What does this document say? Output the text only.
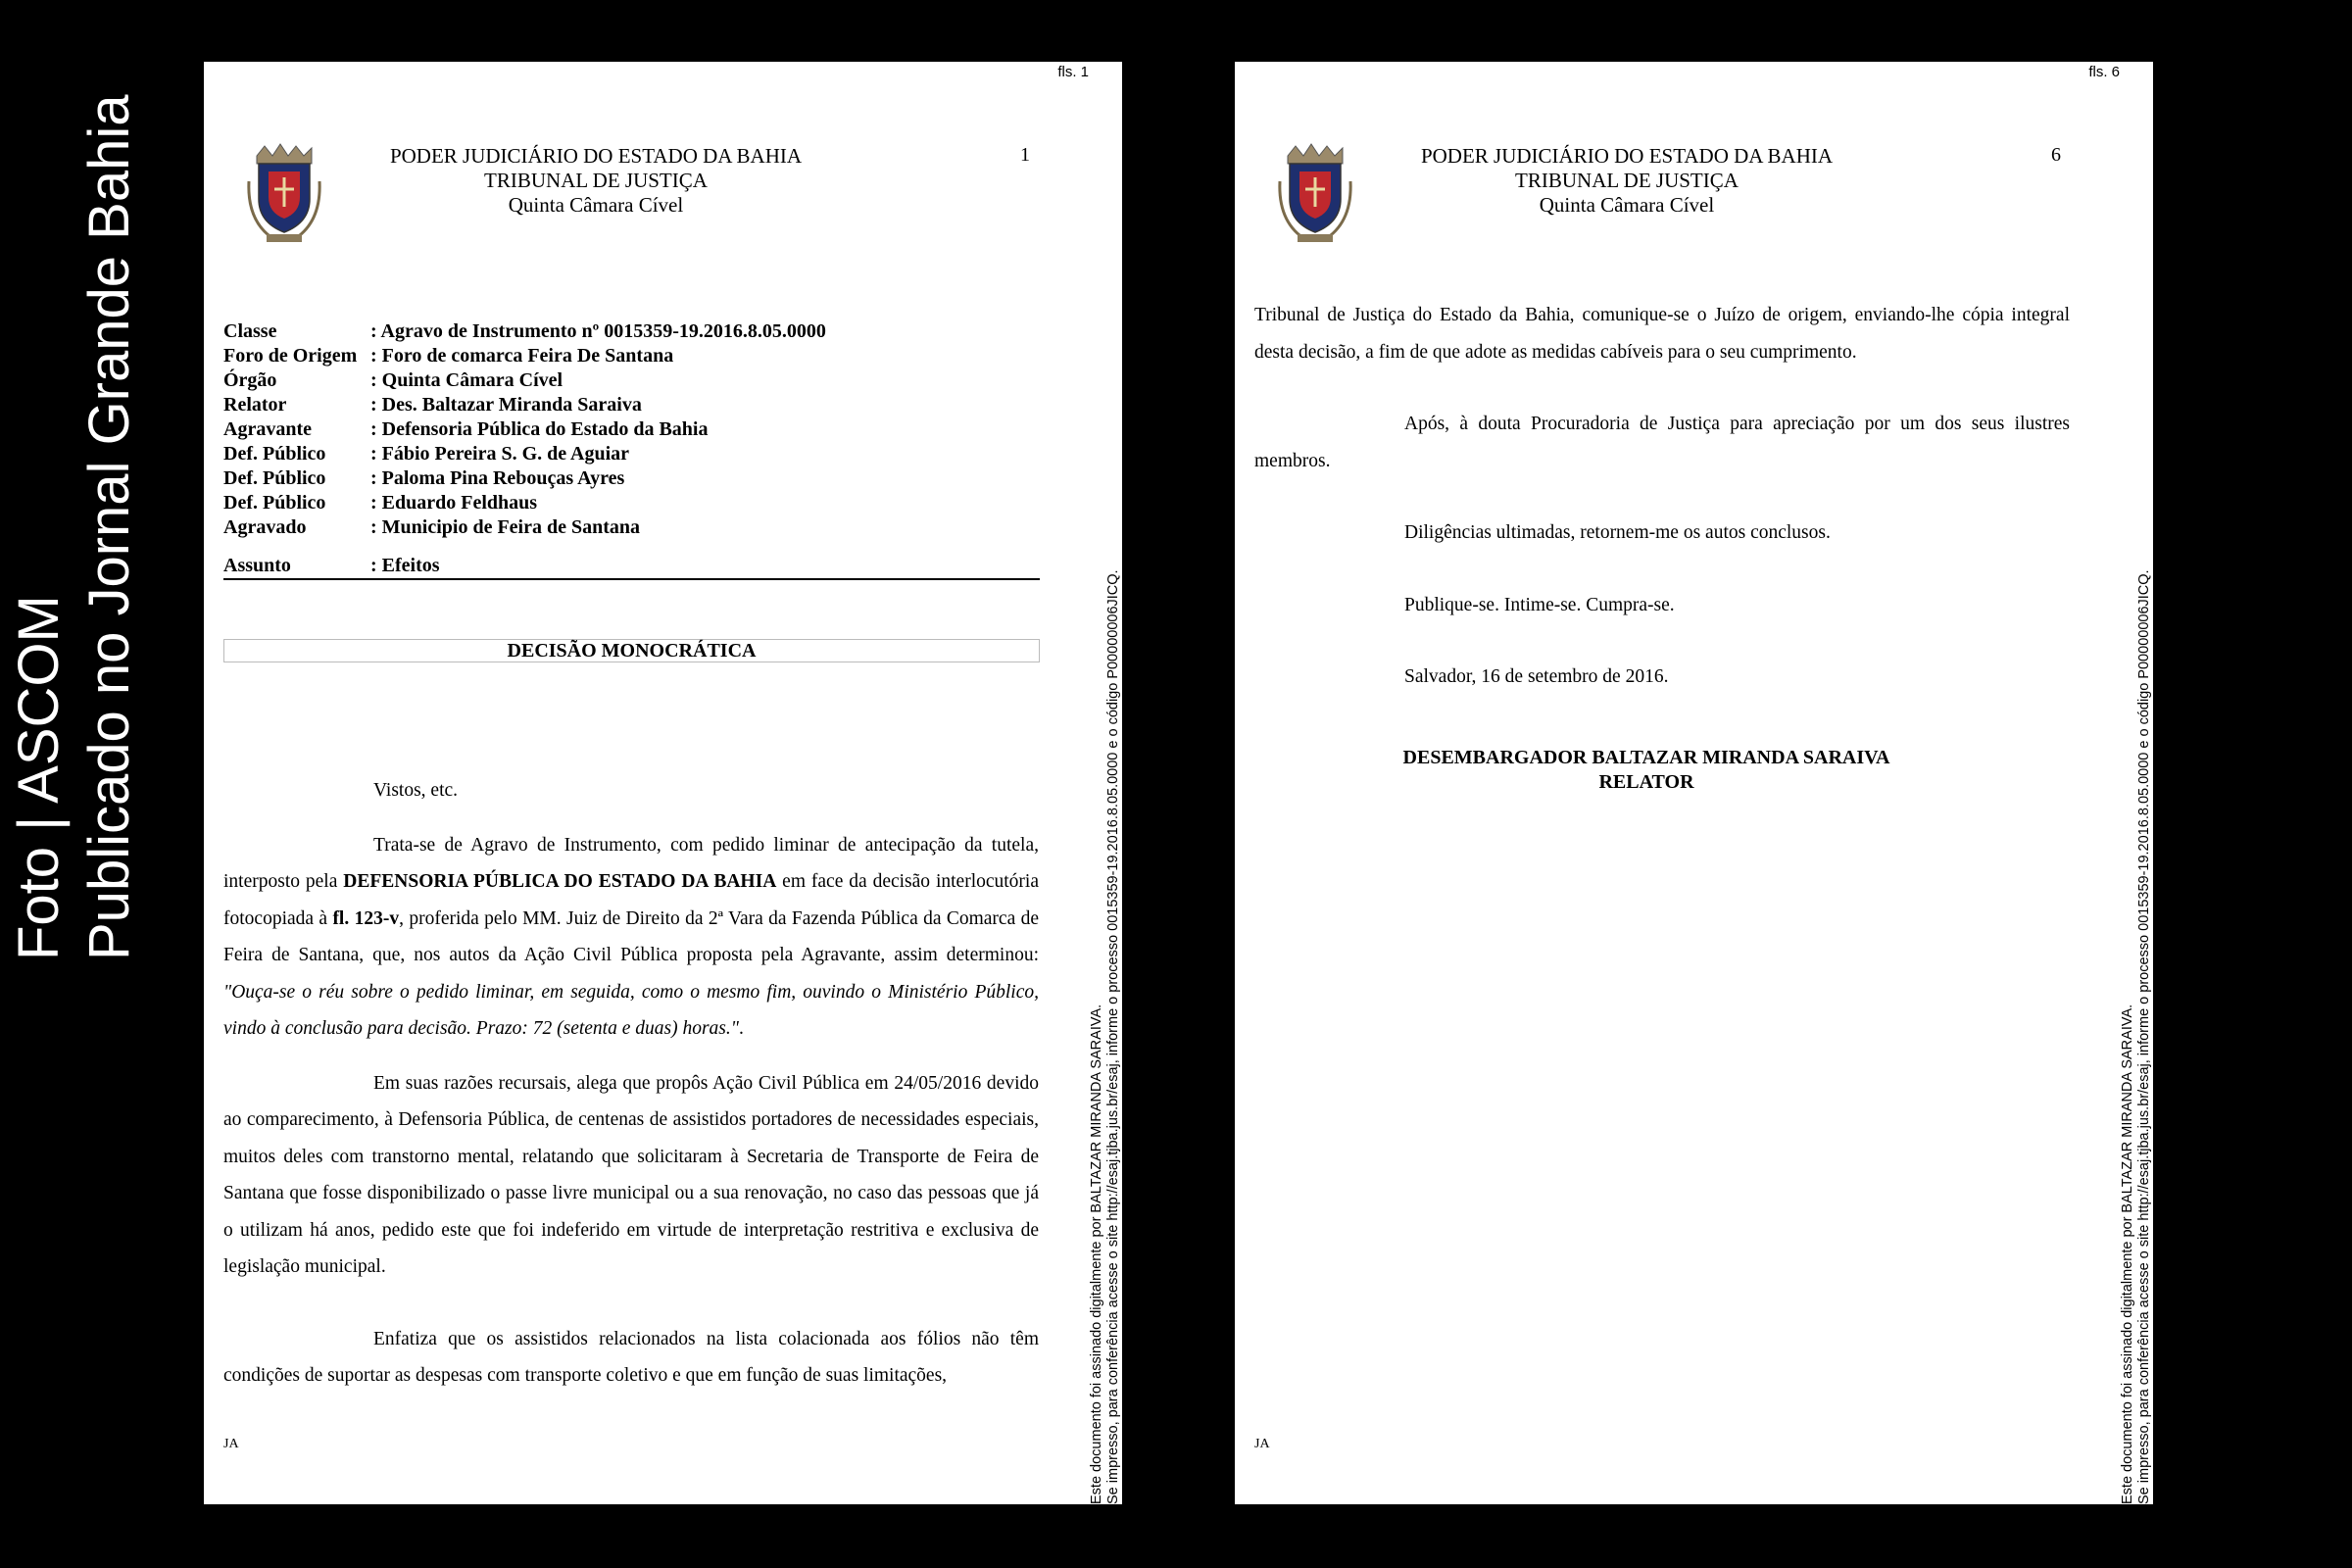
Foto | ASCOM Publicado no Jornal Grande Bahia
fls. 1
1
PODER JUDICIÁRIO DO ESTADO DA BAHIA
TRIBUNAL DE JUSTIÇA
Quinta Câmara Cível
Classe	: Agravo de Instrumento nº 0015359-19.2016.8.05.0000
Foro de Origem : Foro de comarca Feira De Santana
Órgão	: Quinta Câmara Cível
Relator	: Des. Baltazar Miranda Saraiva
Agravante	: Defensoria Pública do Estado da Bahia
Def. Público	: Fábio Pereira S. G. de Aguiar
Def. Público	: Paloma Pina Rebouças Ayres
Def. Público	: Eduardo Feldhaus
Agravado	: Municipio de Feira de Santana
Assunto	: Efeitos
DECISÃO MONOCRÁTICA

Vistos, etc.

Trata-se de Agravo de Instrumento, com pedido liminar de antecipação da tutela, interposto pela DEFENSORIA PÚBLICA DO ESTADO DA BAHIA em face da decisão interlocutória fotocopiada à fl. 123-v, proferida pelo MM. Juiz de Direito da 2ª Vara da Fazenda Pública da Comarca de Feira de Santana, que, nos autos da Ação Civil Pública proposta pela Agravante, assim determinou: "Ouça-se o réu sobre o pedido liminar, em seguida, como o mesmo fim, ouvindo o Ministério Público, vindo à conclusão para decisão. Prazo: 72 (setenta e duas) horas.".

Em suas razões recursais, alega que propôs Ação Civil Pública em 24/05/2016 devido ao comparecimento, à Defensoria Pública, de centenas de assistidos portadores de necessidades especiais, muitos deles com transtorno mental, relatando que solicitaram à Secretaria de Transporte de Feira de Santana que fosse disponibilizado o passe livre municipal ou a sua renovação, no caso das pessoas que já o utilizam há anos, pedido este que foi indeferido em virtude de interpretação restritiva e exclusiva de legislação municipal.

Enfatiza que os assistidos relacionados na lista colacionada aos fólios não têm condições de suportar as despesas com transporte coletivo e que em função de suas limitações,

JA	Este documento foi assinado digitalmente por BALTAZAR MIRANDA SARAIVA. Se impresso, para conferência acesse o site http://esaj.tjba.jus.br/esaj, informe o processo 0015359-19.2016.8.05.0000 e o código P00000006JICQ.
fls. 6
6
PODER JUDICIÁRIO DO ESTADO DA BAHIA
TRIBUNAL DE JUSTIÇA
Quinta Câmara Cível

Tribunal de Justiça do Estado da Bahia, comunique-se o Juízo de origem, enviando-lhe cópia integral desta decisão, a fim de que adote as medidas cabíveis para o seu cumprimento.

Após, à douta Procuradoria de Justiça para apreciação por um dos seus ilustres membros.

Diligências ultimadas, retornem-me os autos conclusos.

Publique-se. Intime-se. Cumpra-se.

Salvador, 16 de setembro de 2016.

DESEMBARGADOR BALTAZAR MIRANDA SARAIVA
RELATOR
JA	Este documento foi assinado digitalmente por BALTAZAR MIRANDA SARAIVA. Se impresso, para conferência acesse o site http://esaj.tjba.jus.br/esaj, informe o processo 0015359-19.2016.8.05.0000 e o código P00000006JICQ.
